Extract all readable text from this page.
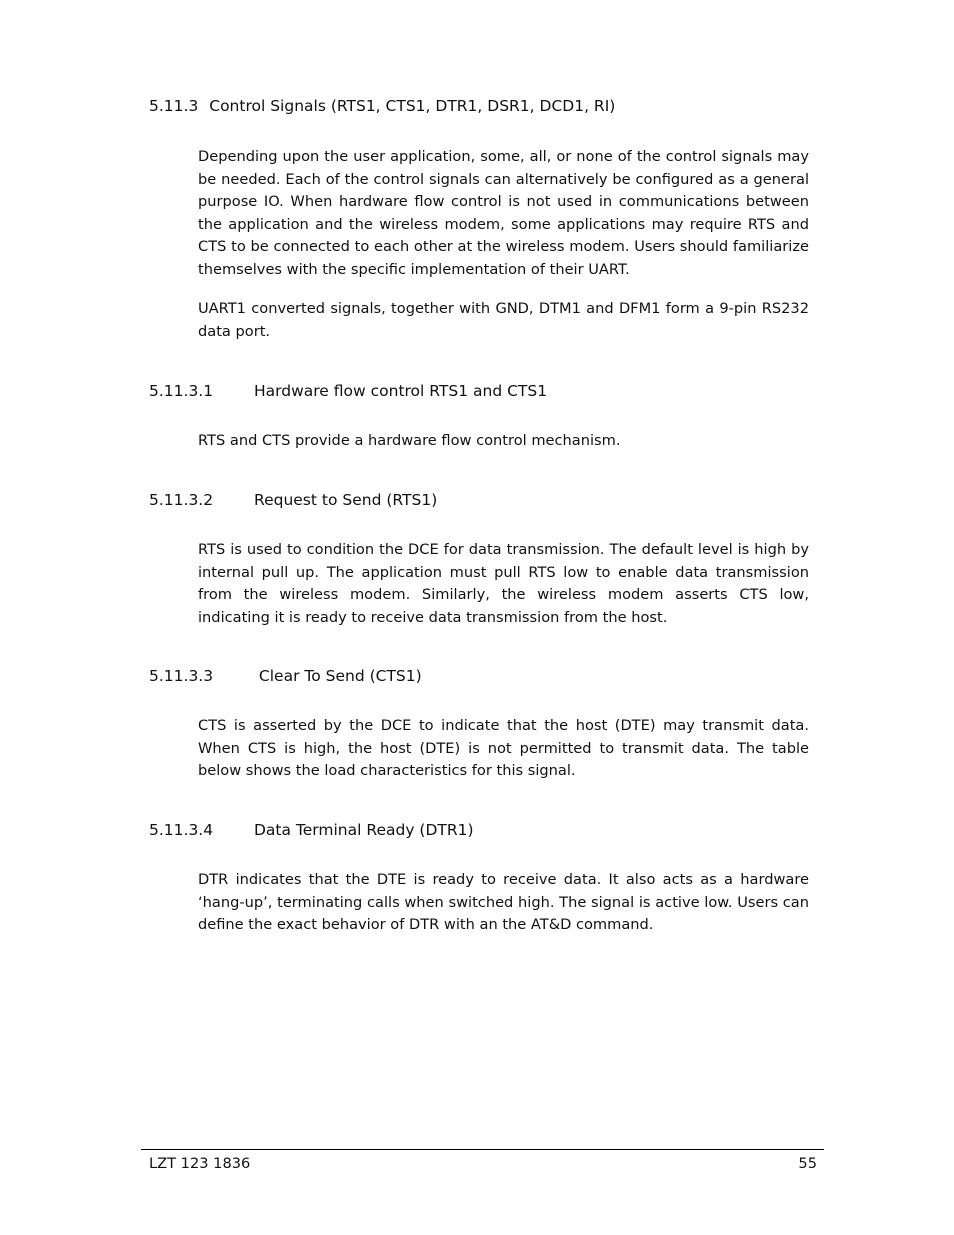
5.11.3 Control Signals (RTS1, CTS1, DTR1, DSR1, DCD1, RI)

Depending upon the user application, some, all, or none of the control signals may be needed. Each of the control signals can alternatively be configured as a general purpose IO. When hardware flow control is not used in communications between the application and the wireless modem, some applications may require RTS and CTS to be connected to each other at the wireless modem. Users should familiarize themselves with the specific implementation of their UART.

UART1 converted signals, together with GND, DTM1 and DFM1 form a 9-pin RS232 data port.

5.11.3.1	Hardware flow control RTS1 and CTS1

RTS and CTS provide a hardware flow control mechanism.

5.11.3.2	Request to Send (RTS1)

RTS is used to condition the DCE for data transmission. The default level is high by internal pull up. The application must pull RTS low to enable data transmission from the wireless modem. Similarly, the wireless modem asserts CTS low, indicating it is ready to receive data transmission from the host.

5.11.3.3	Clear To Send (CTS1)

CTS is asserted by the DCE to indicate that the host (DTE) may transmit data. When CTS is high, the host (DTE) is not permitted to transmit data. The table below shows the load characteristics for this signal.

5.11.3.4	Data Terminal Ready (DTR1)

DTR indicates that the DTE is ready to receive data. It also acts as a hardware ‘hang-up’, terminating calls when switched high. The signal is active low. Users can define the exact behavior of DTR with an the AT&D command.

LZT 123 1836	55
